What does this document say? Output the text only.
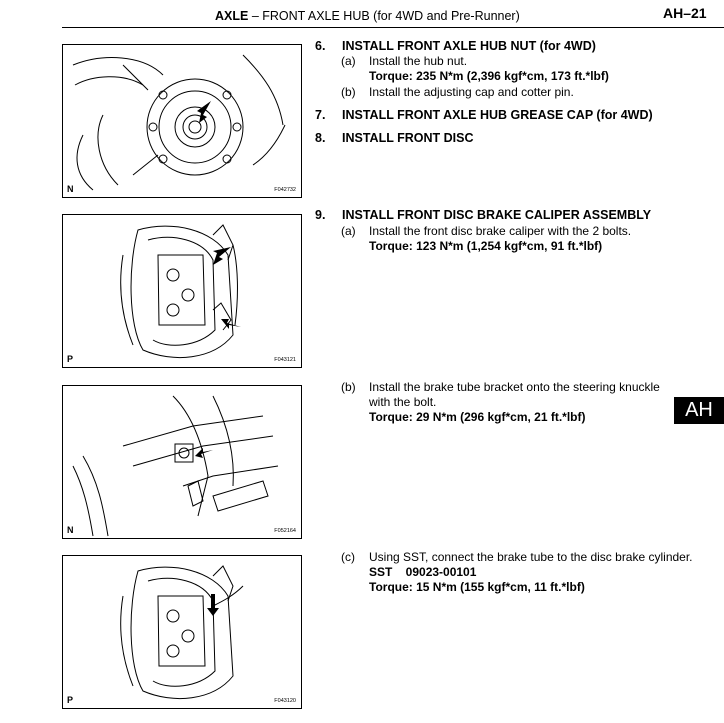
AXLE – FRONT AXLE HUB (for 4WD and Pre-Runner)	AH–21
N	F042732
P	F043121
N	F052164
P	F043120
6. INSTALL FRONT AXLE HUB NUT (for 4WD)
(a) Install the hub nut.
Torque: 235 N*m (2,396 kgf*cm, 173 ft.*lbf)
(b) Install the adjusting cap and cotter pin.
7. INSTALL FRONT AXLE HUB GREASE CAP (for 4WD)
8. INSTALL FRONT DISC
9. INSTALL FRONT DISC BRAKE CALIPER ASSEMBLY
(a) Install the front disc brake caliper with the 2 bolts.
Torque: 123 N*m (1,254 kgf*cm, 91 ft.*lbf)
(b) Install the brake tube bracket onto the steering knuckle with the bolt.
Torque: 29 N*m (296 kgf*cm, 21 ft.*lbf)
(c) Using SST, connect the brake tube to the disc brake cylinder.
SST    09023-00101
Torque: 15 N*m (155 kgf*cm, 11 ft.*lbf)
AH
